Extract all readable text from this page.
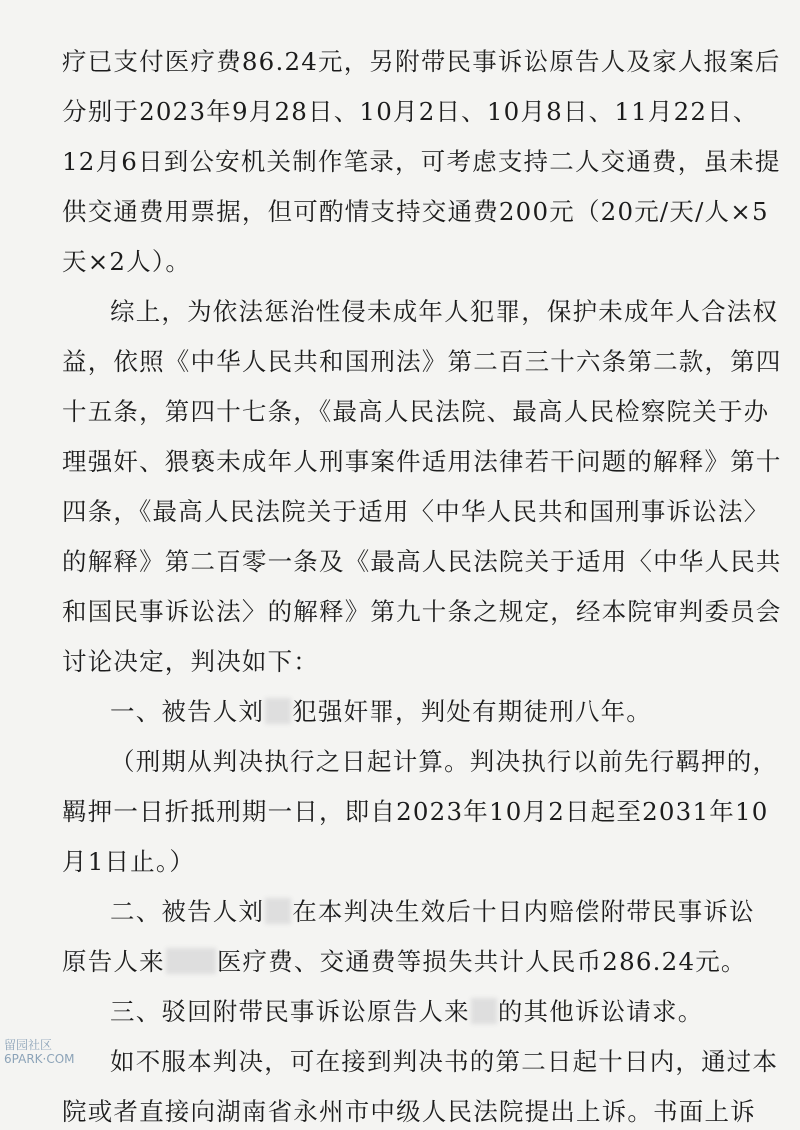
疗已支付医疗费86.24元，另附带民事诉讼原告人及家人报案后
分别于2023年9月28日、10月2日、10月8日、11月22日、
12月6日到公安机关制作笔录，可考虑支持二人交通费，虽未提
供交通费用票据，但可酌情支持交通费200元（20元/天/人×5
天×2人）。
综上，为依法惩治性侵未成年人犯罪，保护未成年人合法权
益，依照《中华人民共和国刑法》第二百三十六条第二款，第四
十五条，第四十七条，《最高人民法院、最高人民检察院关于办
理强奸、猥亵未成年人刑事案件适用法律若干问题的解释》第十
四条，《最高人民法院关于适用〈中华人民共和国刑事诉讼法〉
的解释》第二百零一条及《最高人民法院关于适用〈中华人民共
和国民事诉讼法〉的解释》第九十条之规定，经本院审判委员会
讨论决定，判决如下：
一、被告人刘 犯强奸罪，判处有期徒刑八年。
（刑期从判决执行之日起计算。判决执行以前先行羁押的，
羁押一日折抵刑期一日，即自2023年10月2日起至2031年10
月1日止。）
二、被告人刘 在本判决生效后十日内赔偿附带民事诉讼
原告人来 医疗费、交通费等损失共计人民币286.24元。
三、驳回附带民事诉讼原告人来 的其他诉讼请求。
如不服本判决，可在接到判决书的第二日起十日内，通过本
院或者直接向湖南省永州市中级人民法院提出上诉。书面上诉
留园社区
6PARK·COM
